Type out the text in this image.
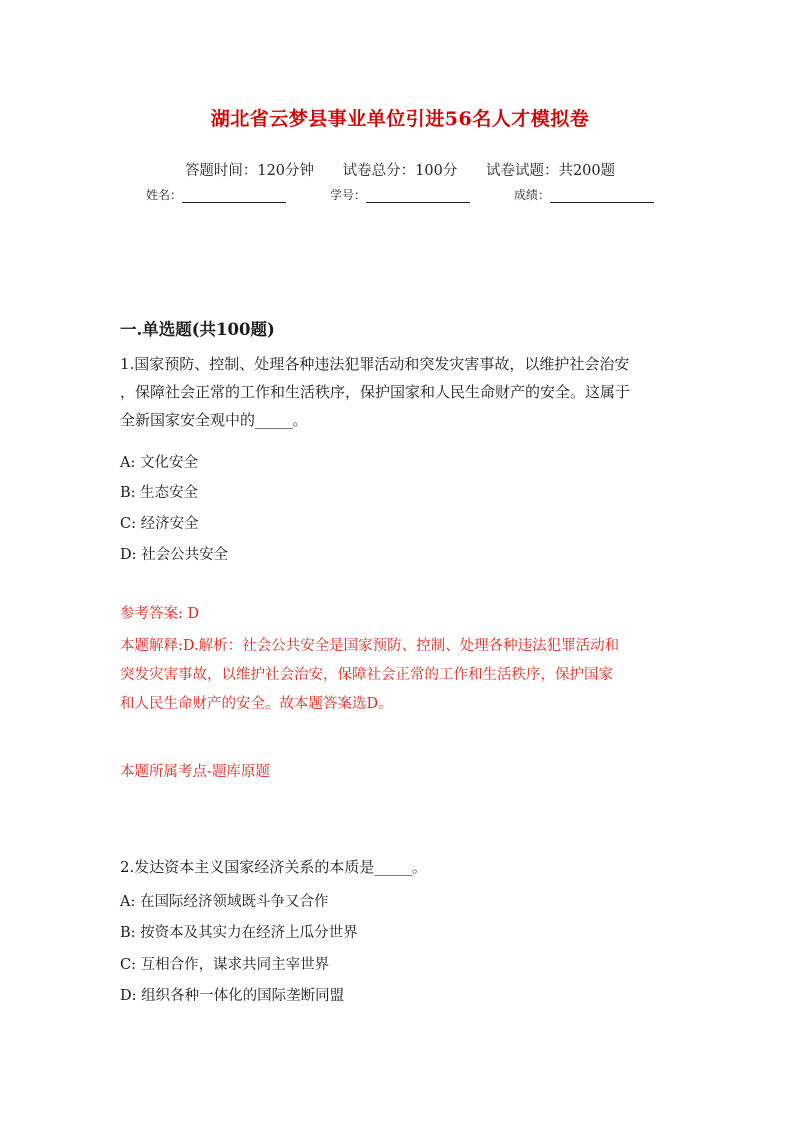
湖北省云梦县事业单位引进56名人才模拟卷
答题时间：120分钟 试卷总分：100分 试卷试题：共200题
姓名：	学号：	成绩：
一.单选题(共100题)
1.国家预防、控制、处理各种违法犯罪活动和突发灾害事故，以维护社会治安
，保障社会正常的工作和生活秩序，保护国家和人民生命财产的安全。这属于
全新国家安全观中的_____。
A: 文化安全
B: 生态安全
C: 经济安全
D: 社会公共安全
参考答案: D
本题解释:D.解析：社会公共安全是国家预防、控制、处理各种违法犯罪活动和
突发灾害事故，以维护社会治安，保障社会正常的工作和生活秩序，保护国家
和人民生命财产的安全。故本题答案选D。
本题所属考点-题库原题
2.发达资本主义国家经济关系的本质是_____。
A: 在国际经济领域既斗争又合作
B: 按资本及其实力在经济上瓜分世界
C: 互相合作，谋求共同主宰世界
D: 组织各种一体化的国际垄断同盟
